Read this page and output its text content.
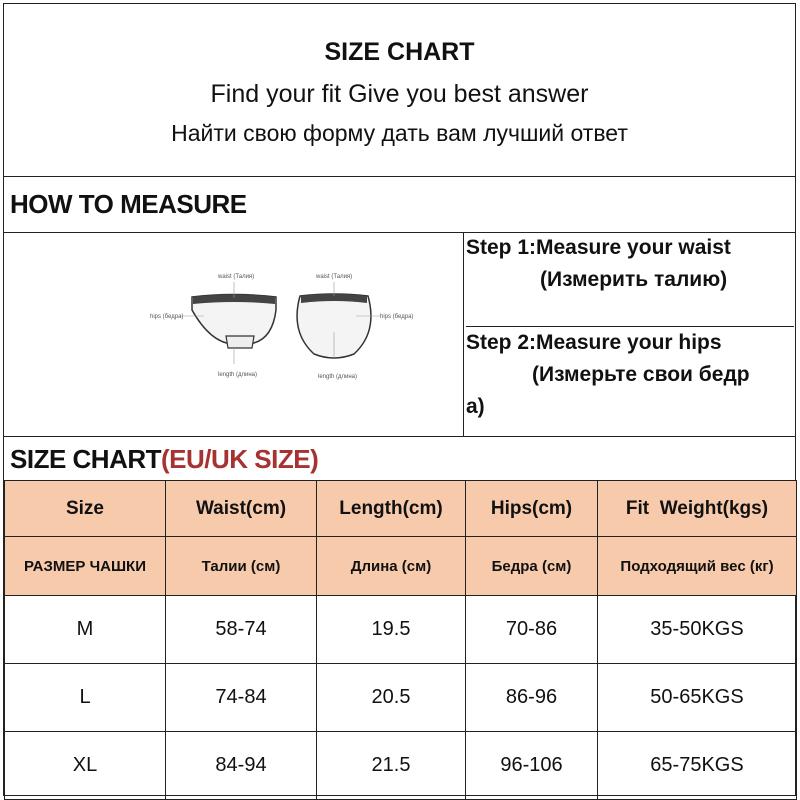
SIZE CHART
Find your fit Give you best answer
Найти свою форму дать вам лучший ответ
HOW TO MEASURE
waist (Талия)
hips (бедра)
length (длина)
waist (Талия)
hips (бедра)
length (длина)
Step 1:Measure your waist
(Измерить талию)
Step 2:Measure your hips
(Измерьте свои бедр
а)
SIZE CHART(EU/UK SIZE)
Size	Waist(cm)	Length(cm)	Hips(cm)	Fit  Weight(kgs)
РАЗМЕР ЧАШКИ	Талии (см)	Длина (см)	Бедра (см)	Подходящий вес (кг)
M	58-74	19.5	70-86	35-50KGS
L	74-84	20.5	86-96	50-65KGS
XL	84-94	21.5	96-106	65-75KGS
